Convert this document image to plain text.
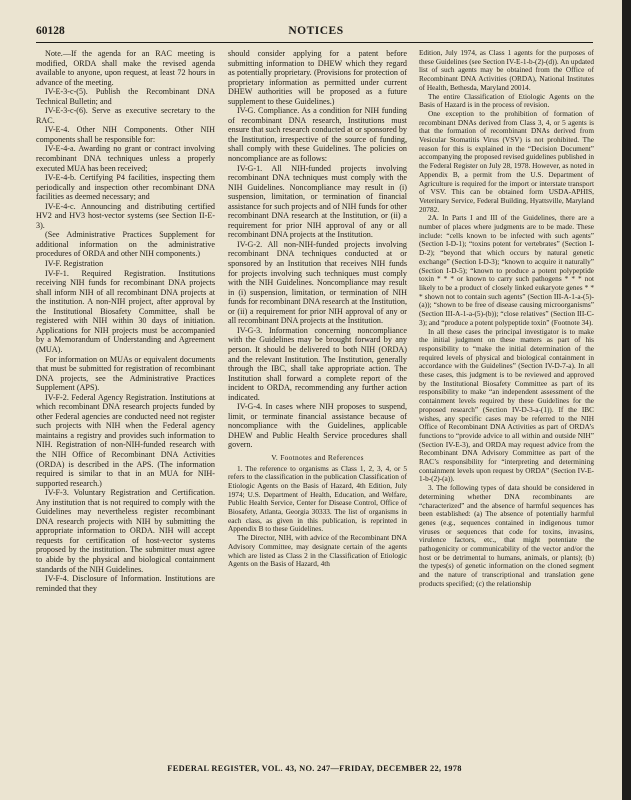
60128	NOTICES

Note.—If the agenda for an RAC meeting is modified, ORDA shall make the revised agenda available to anyone, upon request, at least 72 hours in advance of the meeting.

IV-E-3-c-(5). Publish the Recombinant DNA Technical Bulletin; and

IV-E-3-c-(6). Serve as executive secretary to the RAC.

IV-E-4. Other NIH Components. Other NIH components shall be responsible for:

IV-E-4-a. Awarding no grant or contract involving recombinant DNA techniques unless a properly executed MUA has been received;

IV-E-4-b. Certifying P4 facilities, inspecting them periodically and inspection other recombinant DNA facilities as deemed necessary; and

IV-E-4-c. Announcing and distributing certified HV2 and HV3 host-vector systems (see Section II-E-3).

(See Administrative Practices Supplement for additional information on the administrative procedures of ORDA and other NIH components.)

IV-F. Registration

IV-F-1. Required Registration. Institutions receiving NIH funds for recombinant DNA projects shall inform NIH of all recombinant DNA projects at the institution. A non-NIH project, after approval by the Institutional Biosafety Committee, shall be registered with NIH within 30 days of initiation. Applications for NIH projects must be accompanied by a Memorandum of Understanding and Agreement (MUA).

For information on MUAs or equivalent documents that must be submitted for registration of recombinant DNA projects, see the Administrative Practices Supplement (APS).

IV-F-2. Federal Agency Registration. Institutions at which recombinant DNA research projects funded by other Federal agencies are conducted need not register such projects with NIH when the Federal agency maintains a registry and provides such information to NIH. Registration of non-NIH-funded research with the NIH Office of Recombinant DNA Activities (ORDA) is described in the APS. (The information required is similar to that in an MUA for NIH-supported research.)

IV-F-3. Voluntary Registration and Certification. Any institution that is not required to comply with the Guidelines may nevertheless register recombinant DNA research projects with NIH by submitting the appropriate information to ORDA. NIH will accept requests for certification of host-vector systems proposed by the institution. The submitter must agree to abide by the physical and biological containment standards of the NIH Guidelines.

IV-F-4. Disclosure of Information. Institutions are reminded that they

should consider applying for a patent before submitting information to DHEW which they regard as potentially proprietary. (Provisions for protection of proprietary information as permitted under current DHEW authorities will be proposed as a future supplement to these Guidelines.)

IV-G. Compliance. As a condition for NIH funding of recombinant DNA research, Institutions must ensure that such research conducted at or sponsored by the Institution, irrespective of the source of funding, shall comply with these Guidelines. The policies on noncompliance are as follows:

IV-G-1. All NIH-funded projects involving recombinant DNA techniques must comply with the NIH Guidelines. Noncompliance may result in (i) suspension, limitation, or termination of financial assistance for such projects and of NIH funds for other recombinant DNA research at the Institution, or (ii) a requirement for prior NIH approval of any or all recombinant DNA projects at the Institution.

IV-G-2. All non-NIH-funded projects involving recombinant DNA techniques conducted at or sponsored by an Institution that receives NIH funds for projects involving such techniques must comply with the NIH Guidelines. Noncompliance may result in (i) suspension, limitation, or termination of NIH funds for recombinant DNA research at the Institution, or (ii) a requirement for prior NIH approval of any or all recombinant DNA projects at the Institution.

IV-G-3. Information concerning noncompliance with the Guidelines may be brought forward by any person. It should be delivered to both NIH (ORDA) and the relevant Institution. The Institution, generally through the IBC, shall take appropriate action. The Institution shall forward a complete report of the incident to ORDA, recommending any further action indicated.

IV-G-4. In cases where NIH proposes to suspend, limit, or terminate financial assistance because of noncompliance with the Guidelines, applicable DHEW and Public Health Service procedures shall govern.

V. Footnotes and References

1. The reference to organisms as Class 1, 2, 3, 4, or 5 refers to the classification in the publication Classification of Etiologic Agents on the Basis of Hazard, 4th Edition, July 1974; U.S. Department of Health, Education, and Welfare, Public Health Service, Center for Disease Control, Office of Biosafety, Atlanta, Georgia 30333. The list of organisms in each class, as given in this publication, is reprinted in Appendix B to these Guidelines.

The Director, NIH, with advice of the Recombinant DNA Advisory Committee, may designate certain of the agents which are listed as Class 2 in the Classification of Etiologic Agents on the Basis of Hazard, 4th

Edition, July 1974, as Class 1 agents for the purposes of these Guidelines (see Section IV-E-1-b-(2)-(d)). An updated list of such agents may be obtained from the Office of Recombinant DNA Activities (ORDA), National Institutes of Health, Bethesda, Maryland 20014.

The entire Classification of Etiologic Agents on the Basis of Hazard is in the process of revision.

One exception to the prohibition of formation of recombinant DNAs derived from Class 3, 4, or 5 agents is that the formation of recombinant DNAs derived from Vesicular Stomatitis Virus (VSV) is not prohibited. The reason for this is explained in the “Decision Document” accompanying the proposed revised guidelines published in the Federal Register on July 28, 1978. However, as noted in Appendix B, a permit from the U.S. Department of Agriculture is required for the import or interstate transport of VSV. This can be obtained form USDA-APHIS, Veterinary Service, Federal Building, Hyattsville, Maryland 20782.

2A. In Parts I and III of the Guidelines, there are a number of places where judgments are to be made. These include: “cells known to be infected with such agents” (Section I-D-1); “toxins potent for vertebrates” (Section I-D-2); “beyond that which occurs by natural genetic exchange” (Section I-D-3); “known to acquire it naturally” (Section I-D-5); “known to produce a potent polypeptide toxin * * * or known to carry such pathogens * * * not likely to be a product of closely linked eukaryote genes * * * shown not to contain such agents” (Section III-A-1-a-(5)-(a)); “shown to be free of disease causing microorganisms” (Section III-A-1-a-(5)-(b)); “close relatives” (Section III-C-3); and “produce a potent polypeptide toxin” (Footnote 34).

In all these cases the principal investigator is to make the initial judgment on these matters as part of his responsibility to “make the initial determination of the required levels of physical and biological containment in accordance with the Guidelines” (Section IV-D-7-a). In all these cases, this judgment is to be reviewed and approved by the Institutional Biosafety Committee as part of its responsibility to make “an independent assessment of the containment levels required by these Guidelines for the proposed research” (Section IV-D-3-a-(1)). If the IBC wishes, any specific cases may be referred to the NIH Office of Recombinant DNA Activities as part of ORDA’s functions to “provide advice to all within and outside NIH” (Section IV-E-3), and ORDA may request advice from the Recombinant DNA Advisory Committee as part of the RAC’s responsibility for “interpreting and determining containment levels upon request by ORDA” (Section IV-E-1-b-(2)-(a)).

3. The following types of data should be considered in determining whether DNA recombinants are “characterized” and the absence of harmful sequences has been established: (a) The absence of potentially harmful genes (e.g., sequences contained in indigenous tumor viruses or sequences that code for toxins, invasins, virulence factors, etc., that might potentiate the pathogenicity or communicability of the vector and/or the host or be detrimental to humans, animals, or plants); (b) the types(s) of genetic information on the cloned segment and the nature of transcriptional and translation gene products specified; (c) the relationship

FEDERAL REGISTER, VOL. 43, NO. 247—FRIDAY, DECEMBER 22, 1978
